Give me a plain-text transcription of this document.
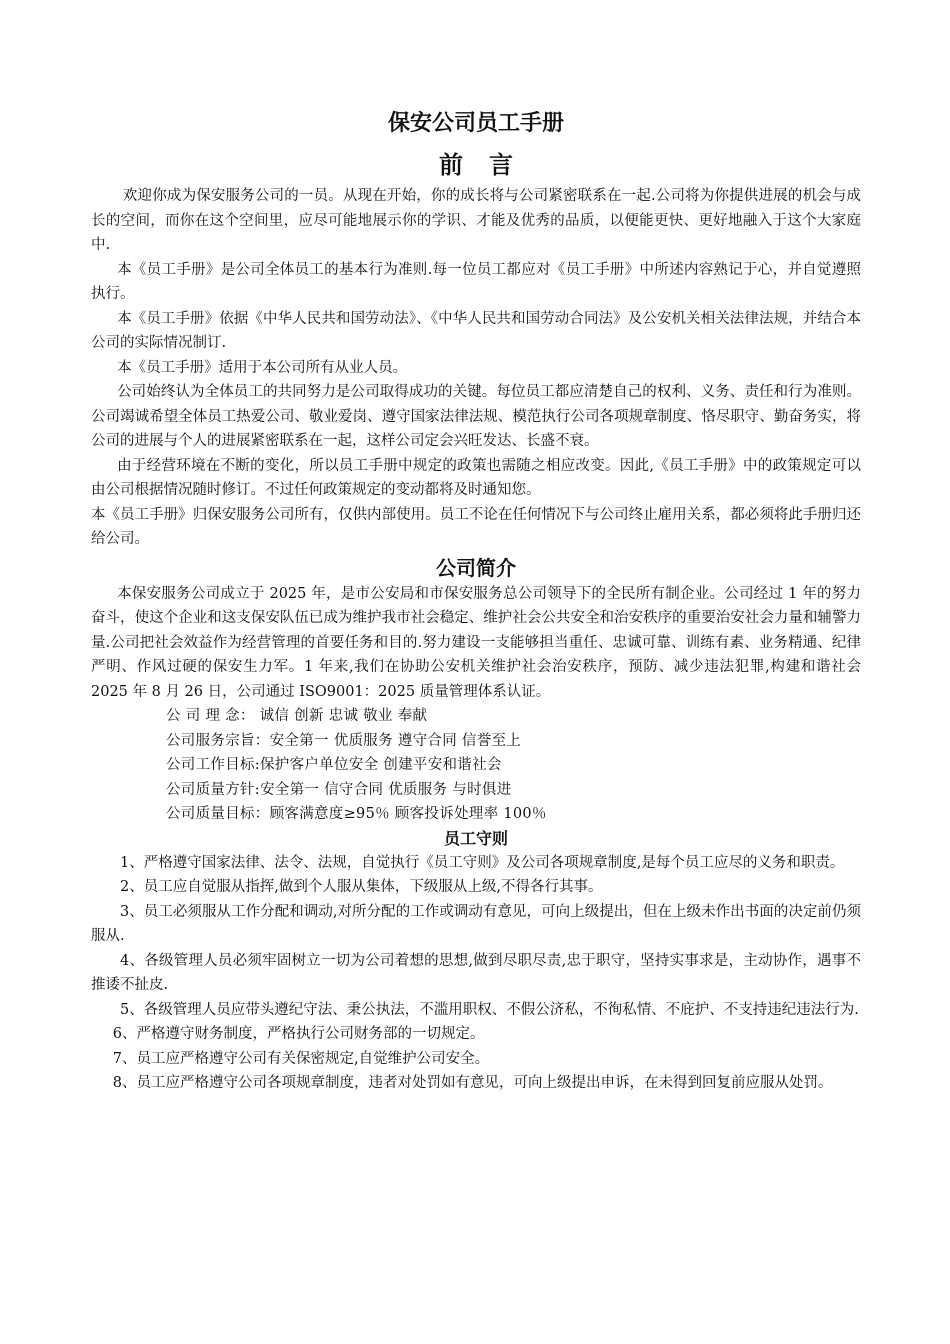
保安公司员工手册
前言

欢迎你成为保安服务公司的一员。从现在开始，你的成长将与公司紧密联系在一起.公司将为你提供进展的机会与成长的空间，而你在这个空间里，应尽可能地展示你的学识、才能及优秀的品质，以便能更快、更好地融入于这个大家庭中.

本《员工手册》是公司全体员工的基本行为准则.每一位员工都应对《员工手册》中所述内容熟记于心，并自觉遵照执行。

本《员工手册》依据《中华人民共和国劳动法》、《中华人民共和国劳动合同法》及公安机关相关法律法规，并结合本公司的实际情况制订.

本《员工手册》适用于本公司所有从业人员。

公司始终认为全体员工的共同努力是公司取得成功的关键。每位员工都应清楚自己的权利、义务、责任和行为准则。公司竭诚希望全体员工热爱公司、敬业爱岗、遵守国家法律法规、模范执行公司各项规章制度、恪尽职守、勤奋务实，将公司的进展与个人的进展紧密联系在一起，这样公司定会兴旺发达、长盛不衰。

由于经营环境在不断的变化，所以员工手册中规定的政策也需随之相应改变。因此,《员工手册》中的政策规定可以由公司根据情况随时修订。不过任何政策规定的变动都将及时通知您。

本《员工手册》归保安服务公司所有，仅供内部使用。员工不论在任何情况下与公司终止雇用关系，都必须将此手册归还给公司。

公司简介

本保安服务公司成立于 2025 年，是市公安局和市保安服务总公司领导下的全民所有制企业。公司经过 1 年的努力奋斗，使这个企业和这支保安队伍已成为维护我市社会稳定、维护社会公共安全和治安秩序的重要治安社会力量和辅警力量.公司把社会效益作为经营管理的首要任务和目的.努力建设一支能够担当重任、忠诚可靠、训练有素、业务精通、纪律严明、作风过硬的保安生力军。1 年来,我们在协助公安机关维护社会治安秩序，预防、减少违法犯罪,构建和谐社会 2025 年 8 月 26 日，公司通过 ISO9001：2025 质量管理体系认证。

公 司 理 念： 诚信 创新 忠诚 敬业 奉献

公司服务宗旨：安全第一 优质服务 遵守合同 信誉至上

公司工作目标:保护客户单位安全 创建平安和谐社会

公司质量方针:安全第一 信守合同 优质服务 与时俱进

公司质量目标：顾客满意度≥95％ 顾客投诉处理率 100％

员工守则

1、严格遵守国家法律、法令、法规，自觉执行《员工守则》及公司各项规章制度,是每个员工应尽的义务和职责。

2、员工应自觉服从指挥,做到个人服从集体，下级服从上级,不得各行其事。

3、员工必须服从工作分配和调动,对所分配的工作或调动有意见，可向上级提出，但在上级未作出书面的决定前仍须服从.

4、各级管理人员必须牢固树立一切为公司着想的思想,做到尽职尽责,忠于职守，坚持实事求是，主动协作，遇事不推诿不扯皮.

5、各级管理人员应带头遵纪守法、秉公执法，不滥用职权、不假公济私，不徇私情、不庇护、不支持违纪违法行为.

6、严格遵守财务制度，严格执行公司财务部的一切规定。

7、员工应严格遵守公司有关保密规定,自觉维护公司安全。

8、员工应严格遵守公司各项规章制度，违者对处罚如有意见，可向上级提出申诉，在未得到回复前应服从处罚。
